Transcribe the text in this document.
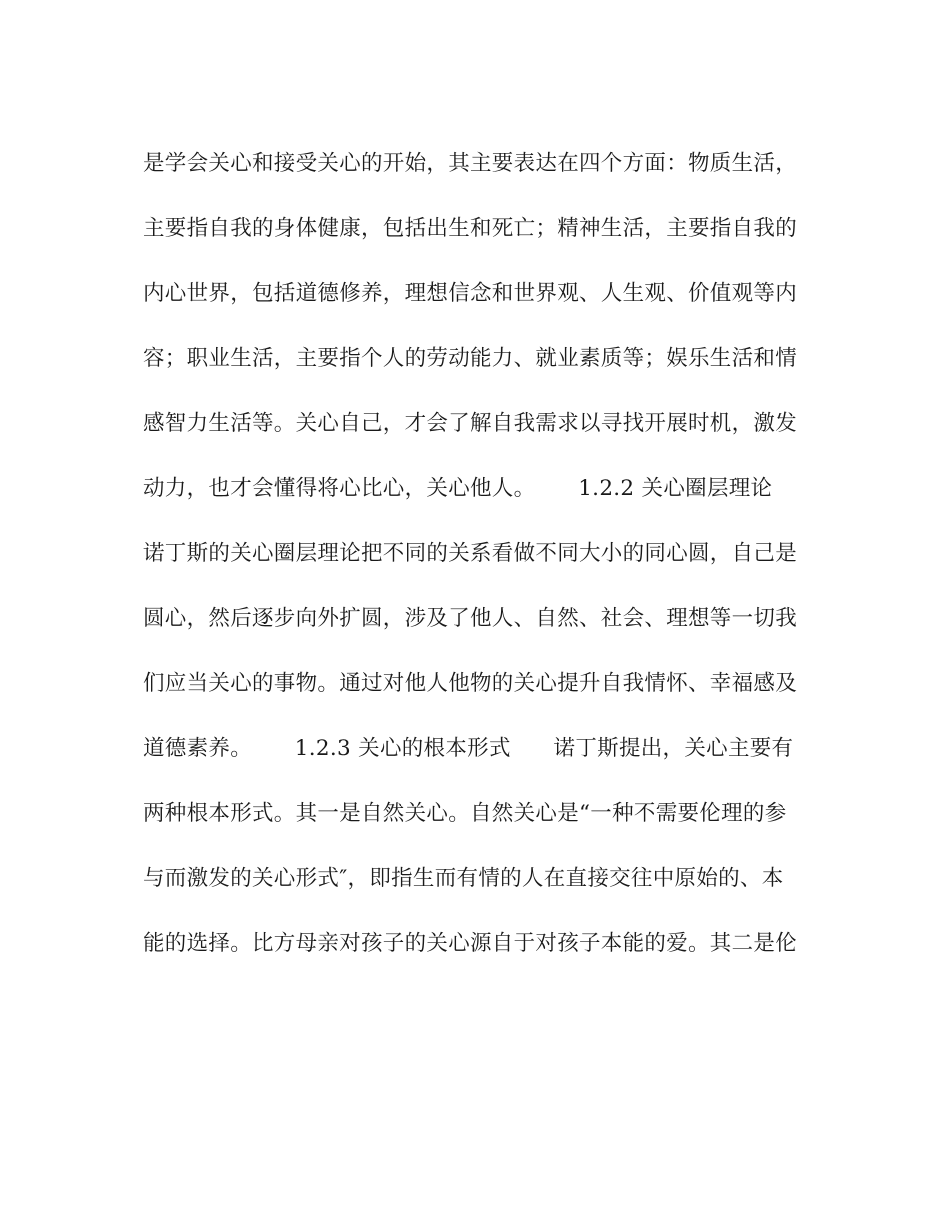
是学会关心和接受关心的开始，其主要表达在四个方面：物质生活，
主要指自我的身体健康，包括出生和死亡；精神生活，主要指自我的
内心世界，包括道德修养，理想信念和世界观、人生观、价值观等内
容；职业生活，主要指个人的劳动能力、就业素质等；娱乐生活和情
感智力生活等。关心自己，才会了解自我需求以寻找开展时机，激发
动力，也才会懂得将心比心，关心他人。      1.2.2 关心圈层理论
诺丁斯的关心圈层理论把不同的关系看做不同大小的同心圆，自己是
圆心，然后逐步向外扩圆，涉及了他人、自然、社会、理想等一切我
们应当关心的事物。通过对他人他物的关心提升自我情怀、幸福感及
道德素养。      1.2.3 关心的根本形式      诺丁斯提出，关心主要有
两种根本形式。其一是自然关心。自然关心是“一种不需要伦理的参
与而激发的关心形式″，即指生而有情的人在直接交往中原始的、本
能的选择。比方母亲对孩子的关心源自于对孩子本能的爱。其二是伦
